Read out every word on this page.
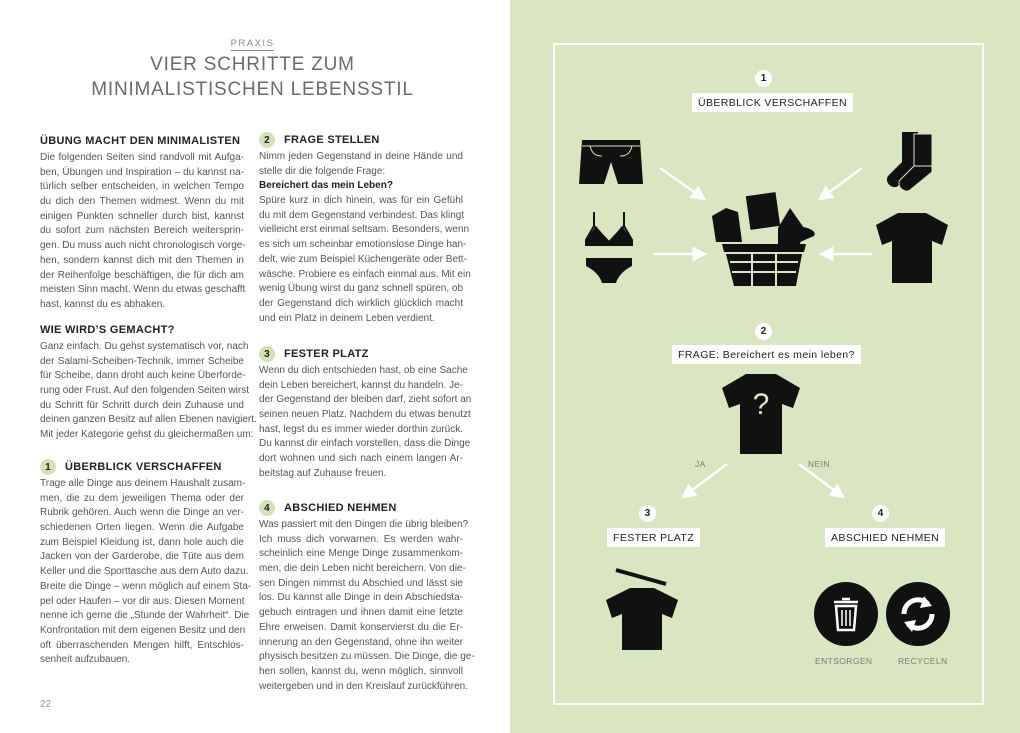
PRAXIS
VIER SCHRITTE ZUM
MINIMALISTISCHEN LEBENSSTIL
ÜBUNG MACHT DEN MINIMALISTEN
Die folgenden Seiten sind randvoll mit Aufga-
ben, Übungen und Inspiration – du kannst na-
türlich selber entscheiden, in welchen Tempo
du dich den Themen widmest. Wenn du mit
einigen Punkten schneller durch bist, kannst
du sofort zum nächsten Bereich weitersprin-
gen. Du muss auch nicht chronologisch vorge-
hen, sondern kannst dich mit den Themen in
der Reihenfolge beschäftigen, die für dich am
meisten Sinn macht. Wenn du etwas geschafft
hast, kannst du es abhaken.
WIE WIRD’S GEMACHT?
Ganz einfach. Du gehst systematisch vor, nach
der Salami-Scheiben-Technik, immer Scheibe
für Scheibe, dann droht auch keine Überforde-
rung oder Frust. Auf den folgenden Seiten wirst
du Schritt für Schritt durch dein Zuhause und
deinen ganzen Besitz auf allen Ebenen navigiert.
Mit jeder Kategorie gehst du gleichermaßen um:
1	ÜBERBLICK VERSCHAFFEN
Trage alle Dinge aus deinem Haushalt zusam-
men, die zu dem jeweiligen Thema oder der
Rubrik gehören. Auch wenn die Dinge an ver-
schiedenen Orten liegen. Wenn die Aufgabe
zum Beispiel Kleidung ist, dann hole auch die
Jacken von der Garderobe, die Tüte aus dem
Keller und die Sporttasche aus dem Auto dazu.
Breite die Dinge – wenn möglich auf einem Sta-
pel oder Haufen – vor dir aus. Diesen Moment
nenne ich gerne die „Stunde der Wahrheit“. Die
Konfrontation mit dem eigenen Besitz und den
oft überraschenden Mengen hilft, Entschlos-
senheit aufzubauen.
2	FRAGE STELLEN
Nimm jeden Gegenstand in deine Hände und
stelle dir die folgende Frage:
Bereichert das mein Leben?
Spüre kurz in dich hinein, was für ein Gefühl
du mit dem Gegenstand verbindest. Das klingt
vielleicht erst einmal seltsam. Besonders, wenn
es sich um scheinbar emotionslose Dinge han-
delt, wie zum Beispiel Küchengeräte oder Bett-
wäsche. Probiere es einfach einmal aus. Mit ein
wenig Übung wirst du ganz schnell spüren, ob
der Gegenstand dich wirklich glücklich macht
und ein Platz in deinem Leben verdient.
3	FESTER PLATZ
Wenn du dich entschieden hast, ob eine Sache
dein Leben bereichert, kannst du handeln. Je-
der Gegenstand der bleiben darf, zieht sofort an
seinen neuen Platz. Nachdem du etwas benutzt
hast, legst du es immer wieder dorthin zurück.
Du kannst dir einfach vorstellen, dass die Dinge
dort wohnen und sich nach einem langen Ar-
beitstag auf Zuhause freuen.
4	ABSCHIED NEHMEN
Was passiert mit den Dingen die übrig bleiben?
Ich muss dich vorwarnen. Es werden wahr-
scheinlich eine Menge Dinge zusammenkom-
men, die dein Leben nicht bereichern. Von die-
sen Dingen nimmst du Abschied und lässt sie
los. Du kannst alle Dinge in dein Abschiedsta-
gebuch eintragen und ihnen damit eine letzte
Ehre erweisen. Damit konservierst du die Er-
innerung an den Gegenstand, ohne ihn weiter
physisch besitzen zu müssen. Die Dinge, die ge-
hen sollen, kannst du, wenn möglich, sinnvoll
weitergeben und in den Kreislauf zurückführen.
22
1
ÜBERBLICK VERSCHAFFEN
2
FRAGE: Bereichert es mein leben?
?
JA	NEIN
3
FESTER PLATZ
4
ABSCHIED NEHMEN
ENTSORGEN	RECYCELN
